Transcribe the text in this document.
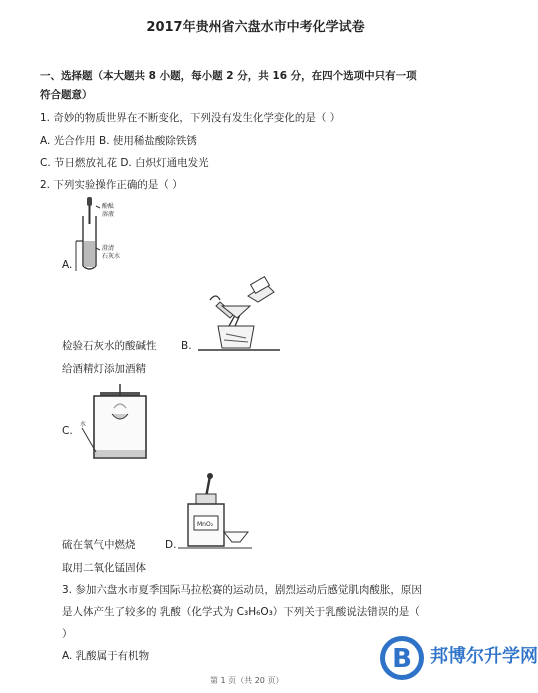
2017年贵州省六盘水市中考化学试卷
一、选择题（本大题共 8 小题，每小题 2 分，共 16 分，在四个选项中只有一项
符合题意）
1. 奇妙的物质世界在不断变化，下列没有发生化学变化的是（ ）
A. 光合作用 B. 使用稀盐酸除铁锈
C. 节日燃放礼花 D. 白炽灯通电发光
2. 下列实验操作正确的是（ ）
酚酞
溶液
澄清
石灰水
A.
检验石灰水的酸碱性 B.
给酒精灯添加酒精
水
C.
MnO₂
硫在氧气中燃烧	D.
取用二氧化锰固体
3. 参加六盘水市夏季国际马拉松赛的运动员，剧烈运动后感觉肌肉酸胀，原因
是人体产生了较多的 乳酸（化学式为 C₃H₆O₃）下列关于乳酸说法错误的是（
）
A. 乳酸属于有机物
第 1 页（共 20 页）
B 邦博尔升学网
